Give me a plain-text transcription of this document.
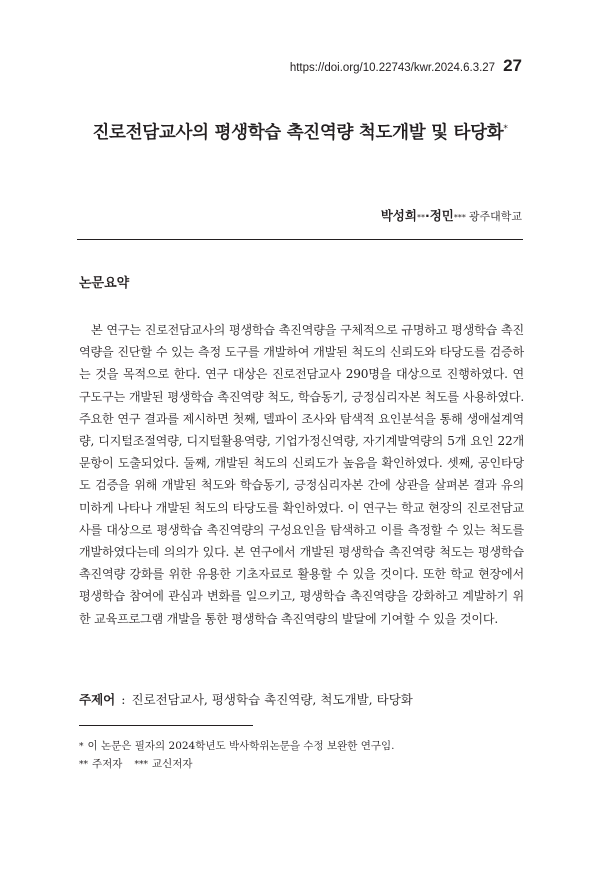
https://doi.org/10.22743/kwr.2024.6.3.27 27
진로전담교사의 평생학습 촉진역량 척도개발 및 타당화*
박성희**·정민*** 광주대학교
논문요약

본 연구는 진로전담교사의 평생학습 촉진역량을 구체적으로 규명하고 평생학습 촉진역량을 진단할 수 있는 측정 도구를 개발하여 개발된 척도의 신뢰도와 타당도를 검증하는 것을 목적으로 한다. 연구 대상은 진로전담교사 290명을 대상으로 진행하였다. 연구도구는 개발된 평생학습 촉진역량 척도, 학습동기, 긍정심리자본 척도를 사용하였다. 주요한 연구 결과를 제시하면 첫째, 델파이 조사와 탐색적 요인분석을 통해 생애설계역량, 디지털조절역량, 디지털활용역량, 기업가정신역량, 자기계발역량의 5개 요인 22개 문항이 도출되었다. 둘째, 개발된 척도의 신뢰도가 높음을 확인하였다. 셋째, 공인타당도 검증을 위해 개발된 척도와 학습동기, 긍정심리자본 간에 상관을 살펴본 결과 유의미하게 나타나 개발된 척도의 타당도를 확인하였다. 이 연구는 학교 현장의 진로전담교사를 대상으로 평생학습 촉진역량의 구성요인을 탐색하고 이를 측정할 수 있는 척도를 개발하였다는데 의의가 있다. 본 연구에서 개발된 평생학습 촉진역량 척도는 평생학습 촉진역량 강화를 위한 유용한 기초자료로 활용할 수 있을 것이다. 또한 학교 현장에서 평생학습 참여에 관심과 변화를 일으키고, 평생학습 촉진역량을 강화하고 계발하기 위한 교육프로그램 개발을 통한 평생학습 촉진역량의 발달에 기여할 수 있을 것이다.

주제어 : 진로전담교사, 평생학습 촉진역량, 척도개발, 타당화
* 이 논문은 필자의 2024학년도 박사학위논문을 수정 보완한 연구임.
** 주저자 *** 교신저자
